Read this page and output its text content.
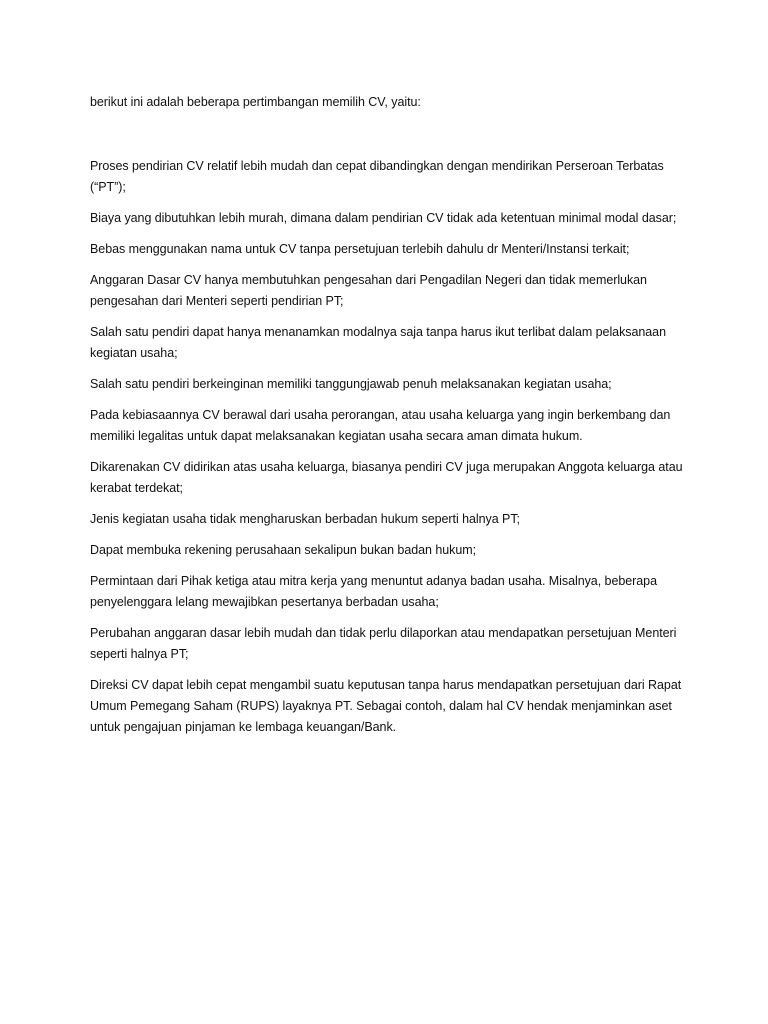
berikut ini adalah beberapa pertimbangan memilih CV, yaitu:

Proses pendirian CV relatif lebih mudah dan cepat dibandingkan dengan mendirikan Perseroan Terbatas (“PT”);

Biaya yang dibutuhkan lebih murah, dimana dalam pendirian CV tidak ada ketentuan minimal modal dasar;

Bebas menggunakan nama untuk CV tanpa persetujuan terlebih dahulu dr Menteri/Instansi terkait;

Anggaran Dasar CV hanya membutuhkan pengesahan dari Pengadilan Negeri dan tidak memerlukan pengesahan dari Menteri seperti pendirian PT;

Salah satu pendiri dapat hanya menanamkan modalnya saja tanpa harus ikut terlibat dalam pelaksanaan kegiatan usaha;

Salah satu pendiri berkeinginan memiliki tanggungjawab penuh melaksanakan kegiatan usaha;

Pada kebiasaannya CV berawal dari usaha perorangan, atau usaha keluarga yang ingin berkembang dan memiliki legalitas untuk dapat melaksanakan kegiatan usaha secara aman dimata hukum.

Dikarenakan CV didirikan atas usaha keluarga, biasanya pendiri CV juga merupakan Anggota keluarga atau kerabat terdekat;

Jenis kegiatan usaha tidak mengharuskan berbadan hukum seperti halnya PT;

Dapat membuka rekening perusahaan sekalipun bukan badan hukum;

Permintaan dari Pihak ketiga atau mitra kerja yang menuntut adanya badan usaha. Misalnya, beberapa penyelenggara lelang mewajibkan pesertanya berbadan usaha;

Perubahan anggaran dasar lebih mudah dan tidak perlu dilaporkan atau mendapatkan persetujuan Menteri seperti halnya PT;

Direksi CV dapat lebih cepat mengambil suatu keputusan tanpa harus mendapatkan persetujuan dari Rapat Umum Pemegang Saham (RUPS) layaknya PT. Sebagai contoh, dalam hal CV hendak menjaminkan aset untuk pengajuan pinjaman ke lembaga keuangan/Bank.
